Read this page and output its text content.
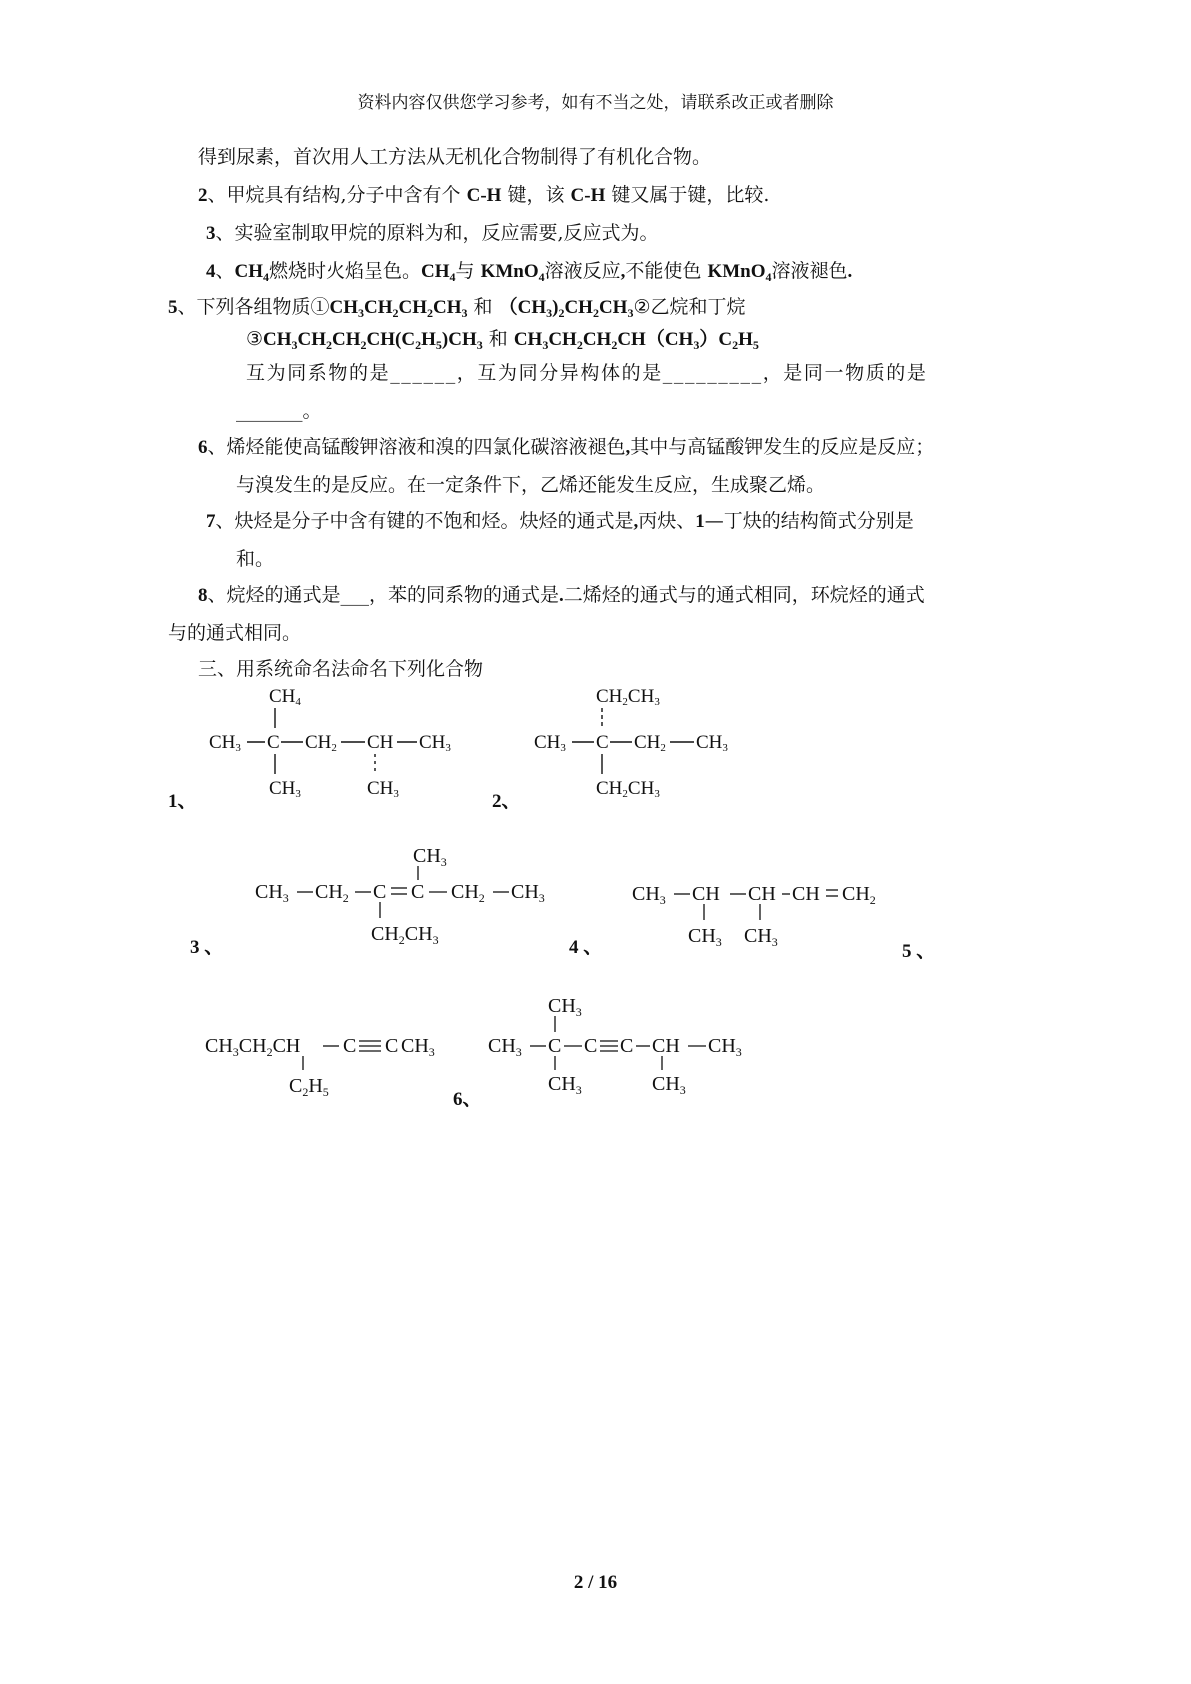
资料内容仅供您学习参考，如有不当之处，请联系改正或者删除
得到尿素，首次用人工方法从无机化合物制得了有机化合物。
2、甲烷具有结构,分子中含有个 C-H 键，该 C-H 键又属于键，比较.
3、实验室制取甲烷的原料为和，反应需要,反应式为。
4、$CH_4$燃烧时火焰呈色。$CH_4$与 KMnO$_4$溶液反应,不能使色 KMnO$_4$溶液褪色.
5、下列各组物质$①CH_3CH_2CH_2CH_3$ 和 $(CH_3)_2CH_2CH_3②$乙烷和丁烷
$③CH_3CH_2CH_2CH(C_2H_5)CH_3$ 和 $CH_3CH_2CH_2CH(CH_3)C_2H_5$
互为同系物的是______，互为同分异构体的是_________，是同一物质的是
_______。
6、烯烃能使高锰酸钾溶液和溴的四氯化碳溶液褪色,其中与高锰酸钾发生的反应是反应；
与溴发生的是反应。在一定条件下，乙烯还能发生反应，生成聚乙烯。
7、炔烃是分子中含有键的不饱和烃。炔烃的通式是,丙炔、1—丁炔的结构简式分别是
和。
8、烷烃的通式是___，苯的同系物的通式是.二烯烃的通式与的通式相同，环烷烃的通式
与的通式相同。
三、用系统命名法命名下列化合物
CH4
CH3 C CH2 CH CH3
CH3	CH3
1、
CH2CH3
CH3 C CH2 CH3
CH2CH3
2、
$CH_3$
$CH_3$ $CH_2$ C C $CH_2$ $CH_3$
$CH_2CH_3$
3 、
$CH_3$ CH CH CH $CH_2$
$CH_3$ $CH_3$
4 、	5 、
$CH_3CH_2CH$ C C $CH_3$
$C_2H_5$
$CH_3$
$CH_3$ C C C CH $CH_3$
$CH_3$	$CH_3$
6、
2 / 16
